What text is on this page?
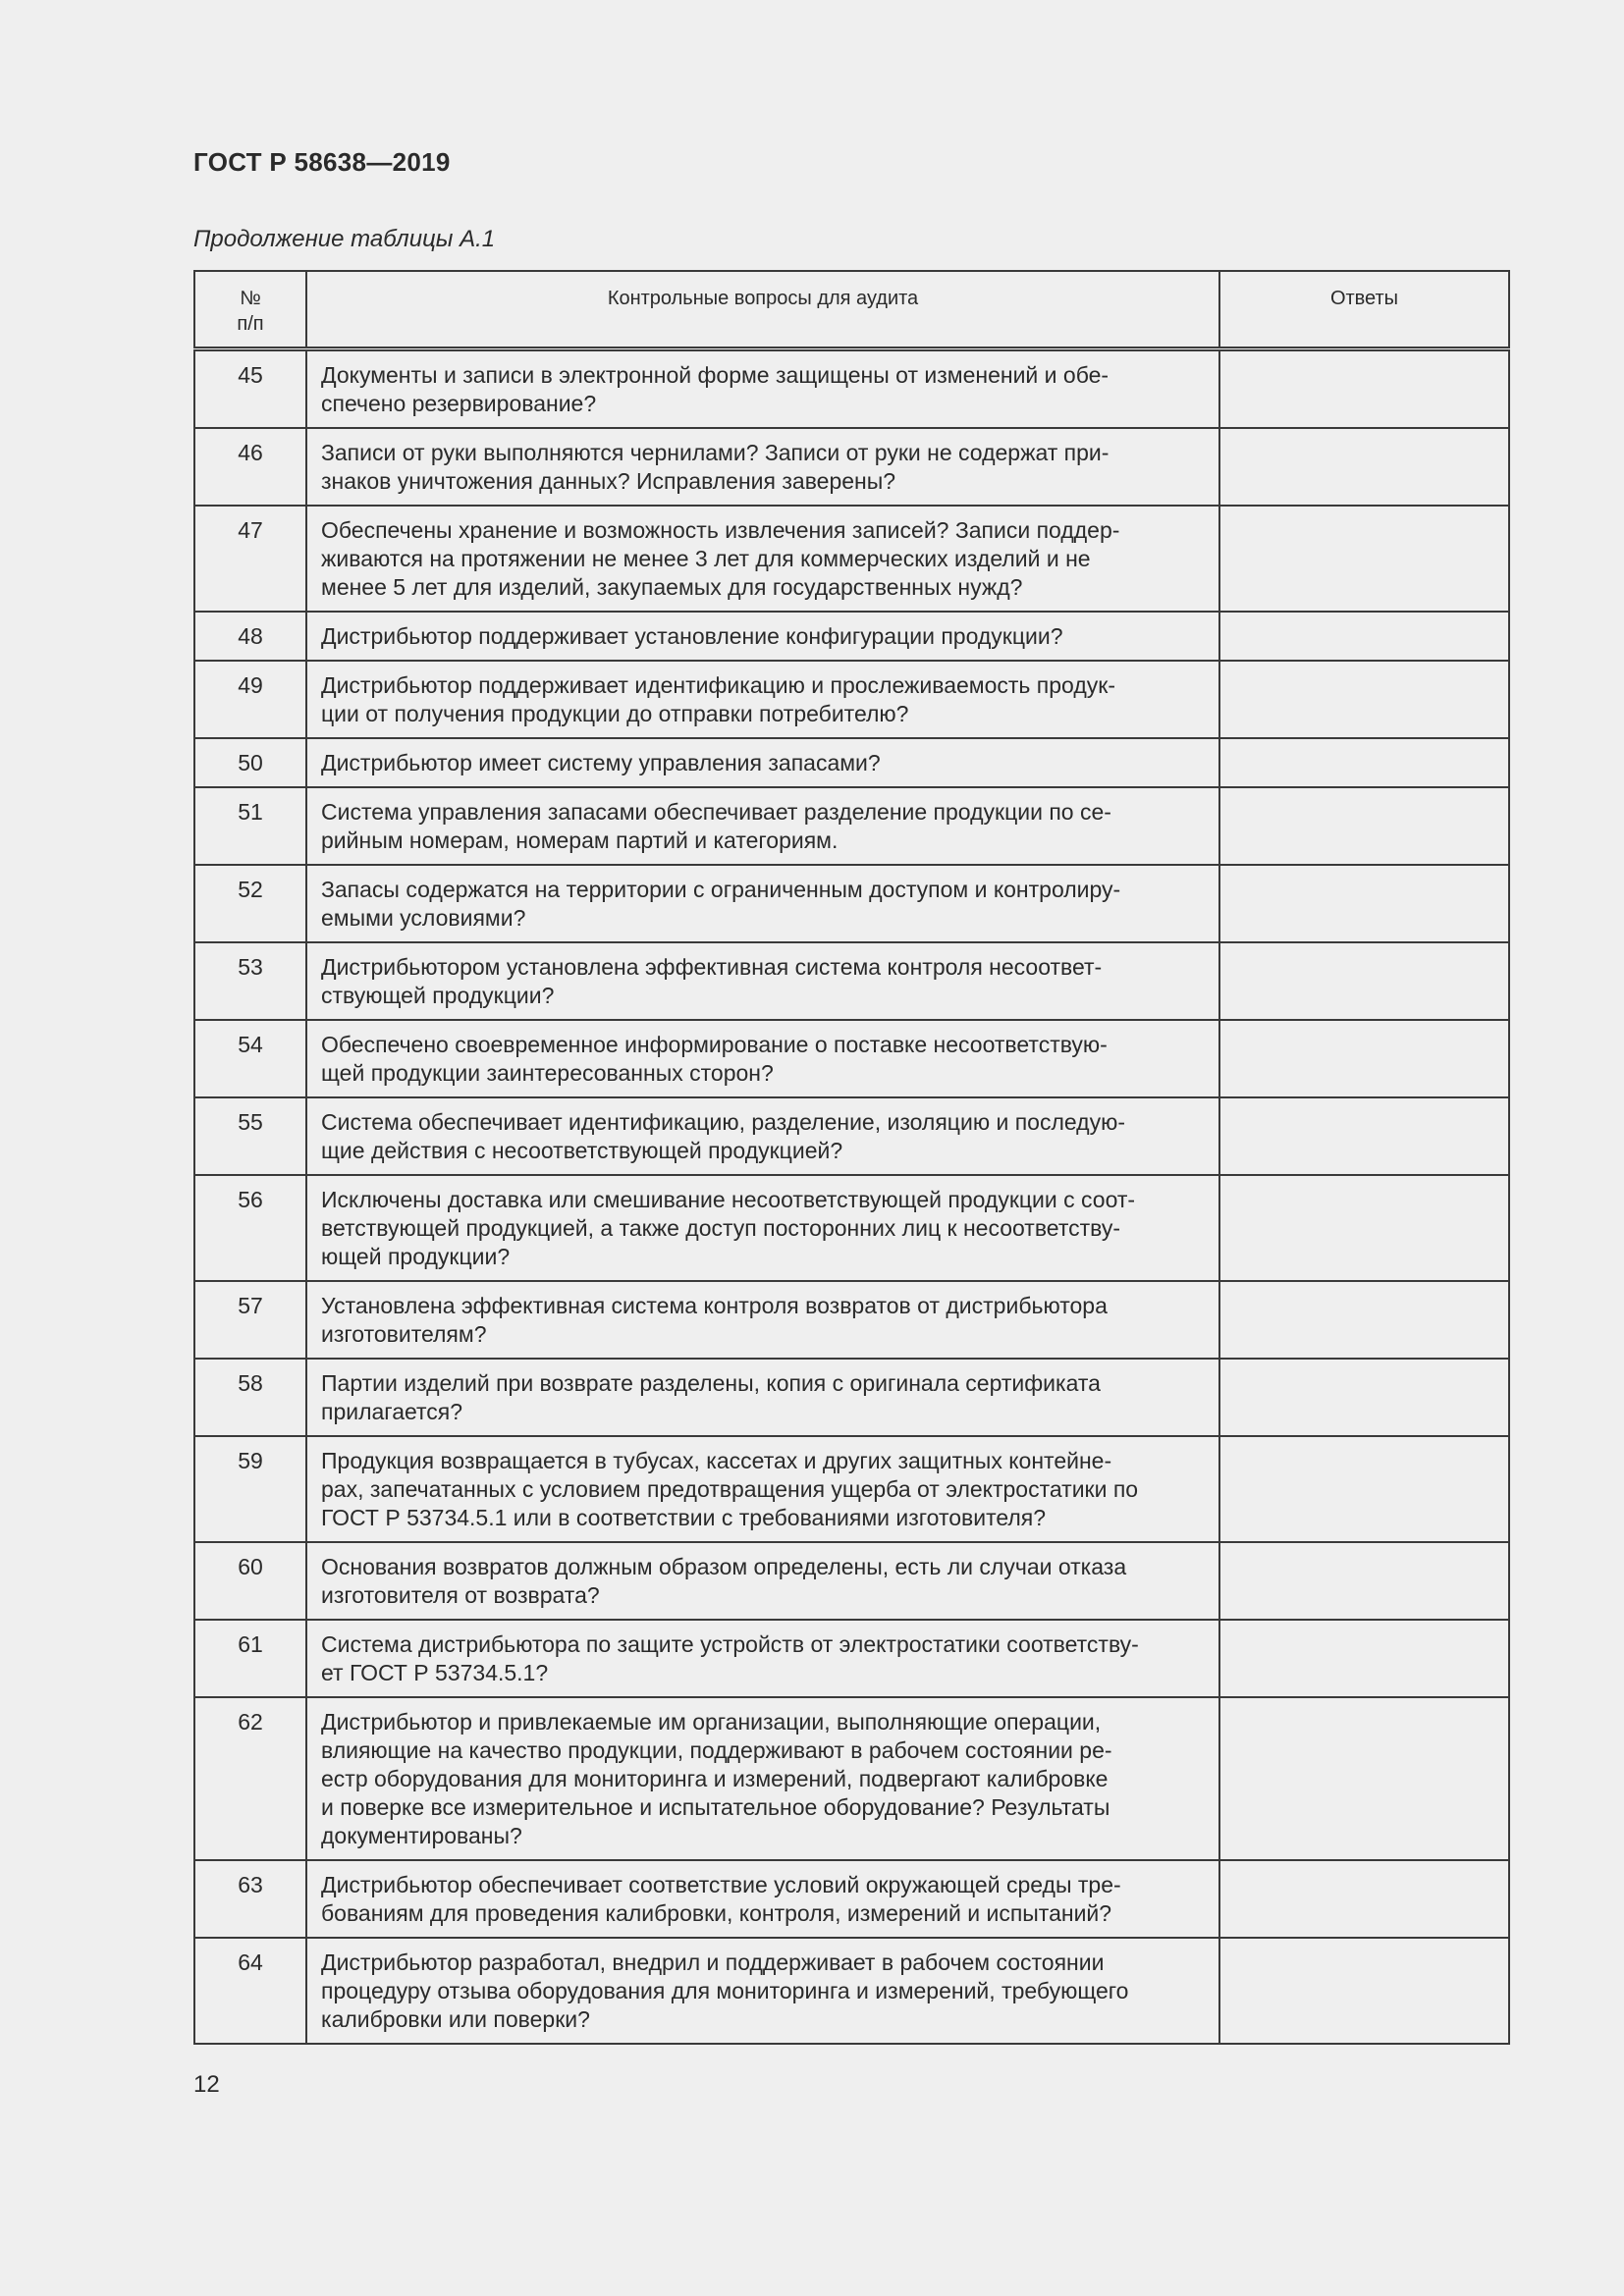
ГОСТ Р 58638—2019
Продолжение таблицы А.1
№
п/п	Контрольные вопросы для аудита	Ответы
45	Документы и записи в электронной форме защищены от изменений и обе-
спечено резервирование?	
46	Записи от руки выполняются чернилами? Записи от руки не содержат при-
знаков уничтожения данных? Исправления заверены?	
47	Обеспечены хранение и возможность извлечения записей? Записи поддер-
живаются на протяжении не менее 3 лет для коммерческих изделий и не
менее 5 лет для изделий, закупаемых для государственных нужд?	
48	Дистрибьютор поддерживает установление конфигурации продукции?	
49	Дистрибьютор поддерживает идентификацию и прослеживаемость продук-
ции от получения продукции до отправки потребителю?	
50	Дистрибьютор имеет систему управления запасами?	
51	Система управления запасами обеспечивает разделение продукции по се-
рийным номерам, номерам партий и категориям.	
52	Запасы содержатся на территории с ограниченным доступом и контролиру-
емыми условиями?	
53	Дистрибьютором установлена эффективная система контроля несоответ-
ствующей продукции?	
54	Обеспечено своевременное информирование о поставке несоответствую-
щей продукции заинтересованных сторон?	
55	Система обеспечивает идентификацию, разделение, изоляцию и последую-
щие действия с несоответствующей продукцией?	
56	Исключены доставка или смешивание несоответствующей продукции с соот-
ветствующей продукцией, а также доступ посторонних лиц к несоответству-
ющей продукции?	
57	Установлена эффективная система контроля возвратов от дистрибьютора
изготовителям?	
58	Партии изделий при возврате разделены, копия с оригинала сертификата
прилагается?	
59	Продукция возвращается в тубусах, кассетах и других защитных контейне-
рах, запечатанных с условием предотвращения ущерба от электростатики по
ГОСТ Р 53734.5.1 или в соответствии с требованиями изготовителя?	
60	Основания возвратов должным образом определены, есть ли случаи отказа
изготовителя от возврата?	
61	Система дистрибьютора по защите устройств от электростатики соответству-
ет ГОСТ Р 53734.5.1?	
62	Дистрибьютор и привлекаемые им организации, выполняющие операции,
влияющие на качество продукции, поддерживают в рабочем состоянии ре-
естр оборудования для мониторинга и измерений, подвергают калибровке
и поверке все измерительное и испытательное оборудование? Результаты
документированы?	
63	Дистрибьютор обеспечивает соответствие условий окружающей среды тре-
бованиям для проведения калибровки, контроля, измерений и испытаний?	
64	Дистрибьютор разработал, внедрил и поддерживает в рабочем состоянии
процедуру отзыва оборудования для мониторинга и измерений, требующего
калибровки или поверки?	
12
